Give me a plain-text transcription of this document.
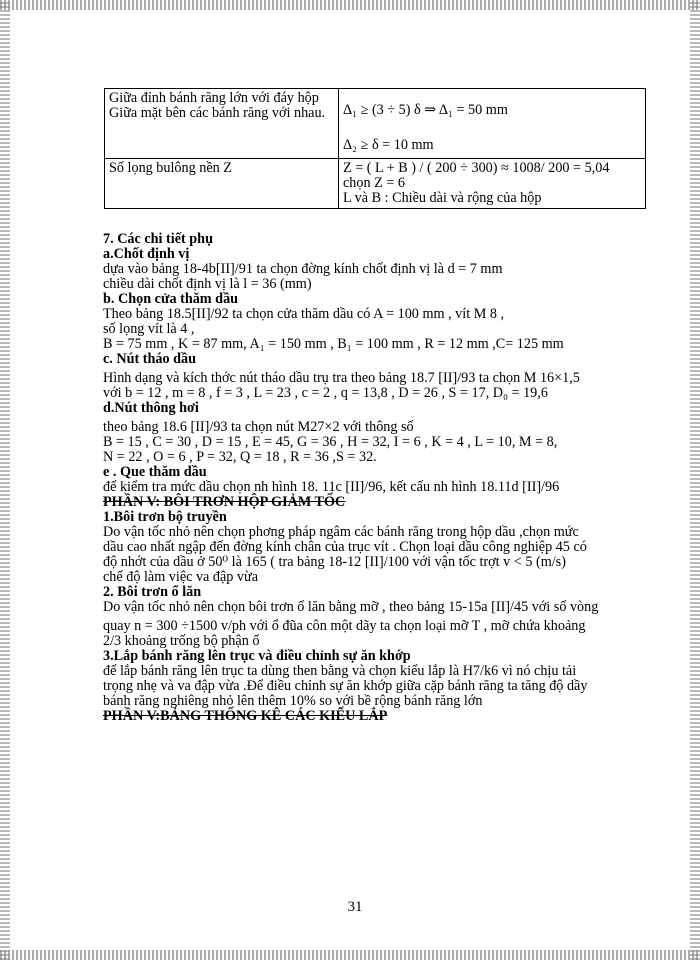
Giữa đỉnh bánh răng lớn với đáy hộp
Giữa mặt bên các bánh răng với nhau.	Δ₁ ≥ (3 ÷ 5) δ ⇒ Δ₁ = 50 mm
Δ₂ ≥ δ = 10 mm

Số lọng bulông nền Z	Z = ( L + B ) / ( 200 ÷ 300) ≈ 1008/ 200 = 5,04
chọn Z = 6
L và B : Chiều dài và rộng của hộp

7. Các chi tiết phụ

a.Chốt định vị

dựa vào bảng 18-4b[II]/91 ta chọn đờng kính chốt định vị là d = 7 mm

chiều dài chốt định vị là l = 36 (mm)

b. Chọn cửa thăm dầu

Theo bảng 18.5[II]/92 ta chọn cửa thăm dầu có A = 100 mm , vít M 8 ,

số lọng vít là 4 ,

B = 75 mm , K = 87 mm, A₁ = 150 mm , B₁ = 100 mm , R = 12 mm ,C= 125 mm

c. Nút tháo dầu

Hình dạng và kích thớc nút tháo dầu trụ tra theo bảng 18.7 [II]/93 ta chọn M 16×1,5

với b = 12 , m = 8 , f = 3 , L = 23 , c = 2 , q = 13,8 , D = 26 , S = 17, D₀ = 19,6

d.Nút thông hơi

theo bảng 18.6 [II]/93 ta chọn nút M27×2 với thông số

B = 15 , C = 30 , D = 15 , E = 45, G = 36 , H = 32, I = 6 , K = 4 , L = 10, M = 8,

N = 22 , O = 6 , P = 32, Q = 18 , R = 36 ,S = 32.

e . Que thăm dầu

để kiểm tra mức dầu chọn nh hình 18. 11c [II]/96, kết cấu nh hình 18.11d [II]/96

PHẦN V: BÔI TRƠN HỘP GIẢM TỐC

1.Bôi trơn bộ truyền

Do vận tốc nhỏ nên chọn phơng pháp ngâm các bánh răng trong hộp dầu ,chọn mức

dầu cao nhất ngập đến đờng kính chân của trục vít . Chọn loại dầu công nghiệp 45 có

độ nhớt của dầu ở 50⁰ là 165 ( tra bảng 18-12 [II]/100 với vận tốc trợt v < 5 (m/s)

chế độ làm việc va đập vừa

2. Bôi trơn ổ lăn

Do vận tốc nhỏ nên chọn bôi trơn ổ lăn bằng mỡ , theo bảng 15-15a [II]/45 với số vòng

quay n = 300 ÷1500 v/ph với ổ đũa côn một dãy ta chọn loại mỡ T , mỡ chứa khoảng

2/3 khoảng trống bộ phận ổ

3.Lắp bánh răng lên trục và điều chỉnh sự ăn khớp

để lắp bánh răng lên trục ta dùng then bằng và chọn kiểu lắp là H7/k6 vì nó chịu tải

trọng nhẹ và va đập vừa .Để điều chỉnh sự ăn khớp giữa cặp bánh răng ta tăng độ dầy

bánh răng nghiêng nhỏ lên thêm 10% so với bề rộng bánh răng lớn

PHẦN V:BẢNG THỐNG KÊ CÁC KIỂU LẮP

31
